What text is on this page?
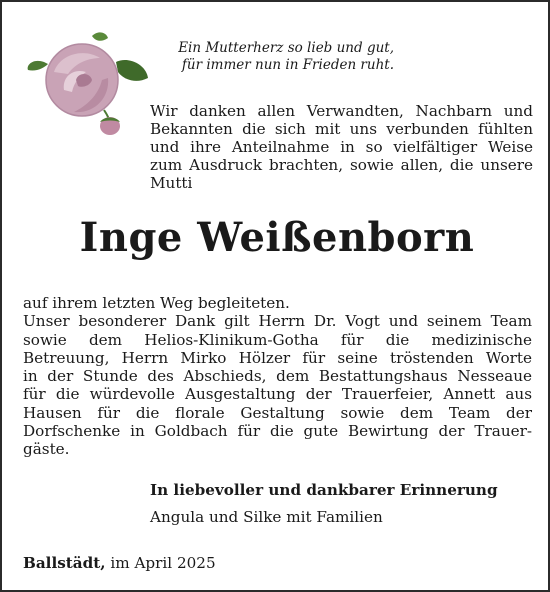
Ein Mutterherz so lieb und gut,
für immer nun in Frieden ruht.
Wir danken allen Verwandten, Nachbarn und
Bekannten die sich mit uns verbunden fühlten
und ihre Anteilnahme in so vielfältiger Weise
zum Ausdruck brachten, sowie allen, die unsere
Mutti
Inge Weißenborn
auf ihrem letzten Weg begleiteten.
Unser besonderer Dank gilt Herrn Dr. Vogt und seinem Team
sowie dem Helios-Klinikum-Gotha für die medizinische
Betreuung, Herrn Mirko Hölzer für seine tröstenden Worte
in der Stunde des Abschieds, dem Bestattungshaus Nesseaue
für die würdevolle Ausgestaltung der Trauerfeier, Annett aus
Hausen für die florale Gestaltung sowie dem Team der
Dorfschenke in Goldbach für die gute Bewirtung der Trauer-
gäste.
In liebevoller und dankbarer Erinnerung
Angula und Silke mit Familien
Ballstädt, im April 2025
